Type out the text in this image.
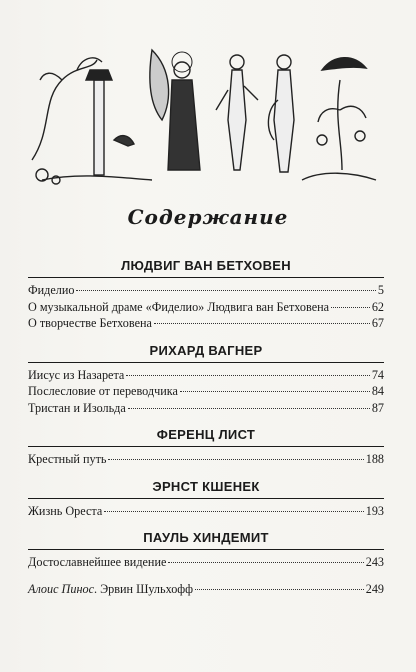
Содержание
ЛЮДВИГ ВАН БЕТХОВЕН
Фиделио	5
О музыкальной драме «Фиделио» Людвига ван Бетховена	62
О творчестве Бетховена	67
РИХАРД ВАГНЕР
Иисус из Назарета	74
Послесловие от переводчика	84
Тристан и Изольда	87
ФЕРЕНЦ ЛИСТ
Крестный путь	188
ЭРНСТ КШЕНЕК
Жизнь Ореста	193
ПАУЛЬ ХИНДЕМИТ
Достославнейшее видение	243
Алоис Пинос. Эрвин Шульхофф	249
